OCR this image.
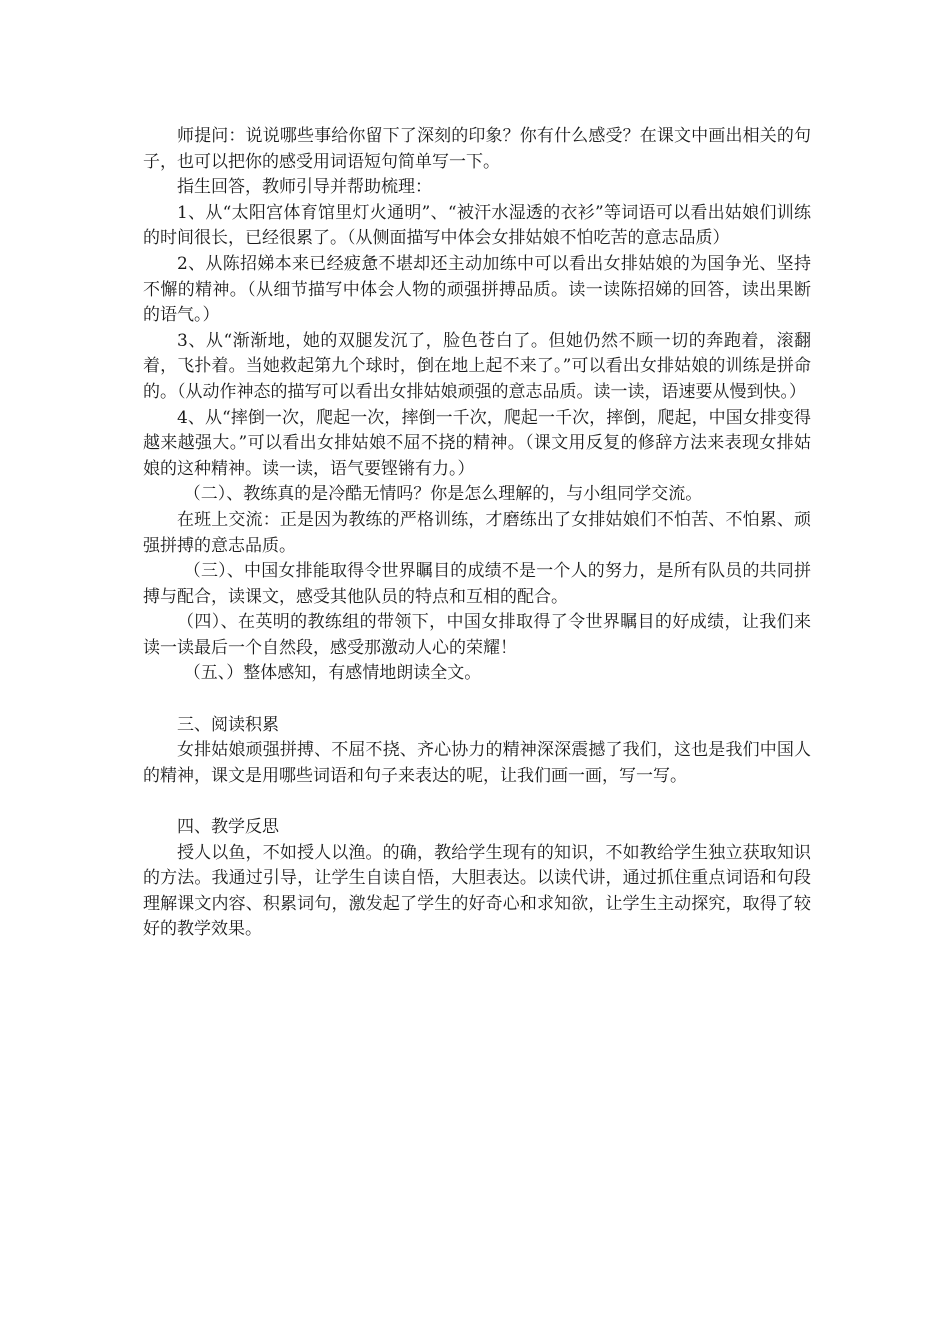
师提问：说说哪些事给你留下了深刻的印象？你有什么感受？在课文中画出相关的句子，也可以把你的感受用词语短句简单写一下。

指生回答，教师引导并帮助梳理：

1、从“太阳宫体育馆里灯火通明”、“被汗水湿透的衣衫”等词语可以看出姑娘们训练的时间很长，已经很累了。（从侧面描写中体会女排姑娘不怕吃苦的意志品质）

2、从陈招娣本来已经疲惫不堪却还主动加练中可以看出女排姑娘的为国争光、坚持不懈的精神。（从细节描写中体会人物的顽强拼搏品质。读一读陈招娣的回答，读出果断的语气。）

3、从“渐渐地，她的双腿发沉了，脸色苍白了。但她仍然不顾一切的奔跑着，滚翻着，飞扑着。当她救起第九个球时，倒在地上起不来了。”可以看出女排姑娘的训练是拼命的。（从动作神态的描写可以看出女排姑娘顽强的意志品质。读一读，语速要从慢到快。）

4、从“摔倒一次，爬起一次，摔倒一千次，爬起一千次，摔倒，爬起，中国女排变得越来越强大。”可以看出女排姑娘不屈不挠的精神。（课文用反复的修辞方法来表现女排姑娘的这种精神。读一读，语气要铿锵有力。）

（二）、教练真的是冷酷无情吗？你是怎么理解的，与小组同学交流。

在班上交流：正是因为教练的严格训练，才磨练出了女排姑娘们不怕苦、不怕累、顽强拼搏的意志品质。

（三）、中国女排能取得令世界瞩目的成绩不是一个人的努力，是所有队员的共同拼搏与配合，读课文，感受其他队员的特点和互相的配合。

（四）、在英明的教练组的带领下，中国女排取得了令世界瞩目的好成绩，让我们来读一读最后一个自然段，感受那激动人心的荣耀！

（五、）整体感知，有感情地朗读全文。

三、阅读积累

女排姑娘顽强拼搏、不屈不挠、齐心协力的精神深深震撼了我们，这也是我们中国人的精神，课文是用哪些词语和句子来表达的呢，让我们画一画，写一写。

四、教学反思

授人以鱼，不如授人以渔。的确，教给学生现有的知识，不如教给学生独立获取知识的方法。我通过引导，让学生自读自悟，大胆表达。以读代讲，通过抓住重点词语和句段理解课文内容、积累词句，激发起了学生的好奇心和求知欲，让学生主动探究，取得了较好的教学效果。
